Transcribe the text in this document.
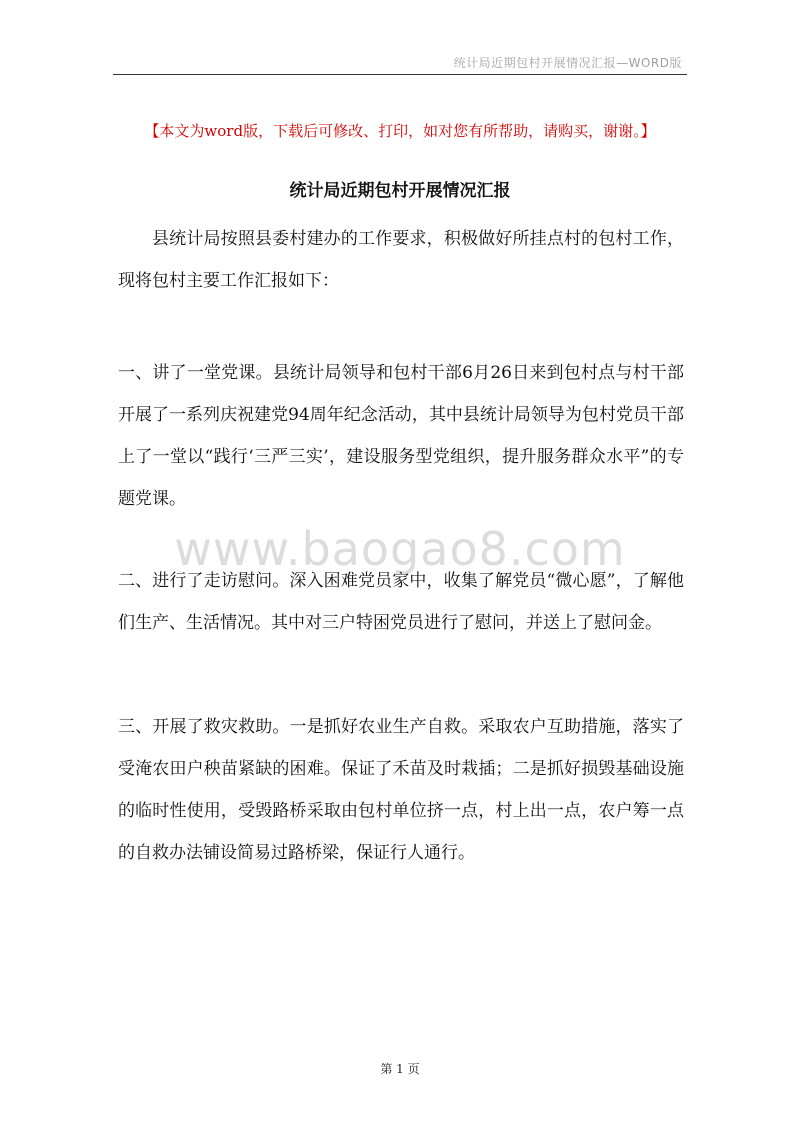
统计局近期包村开展情况汇报—WORD版
【本文为word版，下载后可修改、打印，如对您有所帮助，请购买，谢谢。】
统计局近期包村开展情况汇报

县统计局按照县委村建办的工作要求，积极做好所挂点村的包村工作，现将包村主要工作汇报如下：

一、讲了一堂党课。县统计局领导和包村干部6月26日来到包村点与村干部开展了一系列庆祝建党94周年纪念活动，其中县统计局领导为包村党员干部上了一堂以“践行‘三严三实’，建设服务型党组织，提升服务群众水平”的专题党课。

www.baogao8.com

二、进行了走访慰问。深入困难党员家中，收集了解党员“微心愿”，了解他们生产、生活情况。其中对三户特困党员进行了慰问，并送上了慰问金。

三、开展了救灾救助。一是抓好农业生产自救。采取农户互助措施，落实了受淹农田户秧苗紧缺的困难。保证了禾苗及时栽插；二是抓好损毁基础设施的临时性使用，受毁路桥采取由包村单位挤一点，村上出一点，农户筹一点的自救办法铺设简易过路桥梁，保证行人通行。

第 1 页
